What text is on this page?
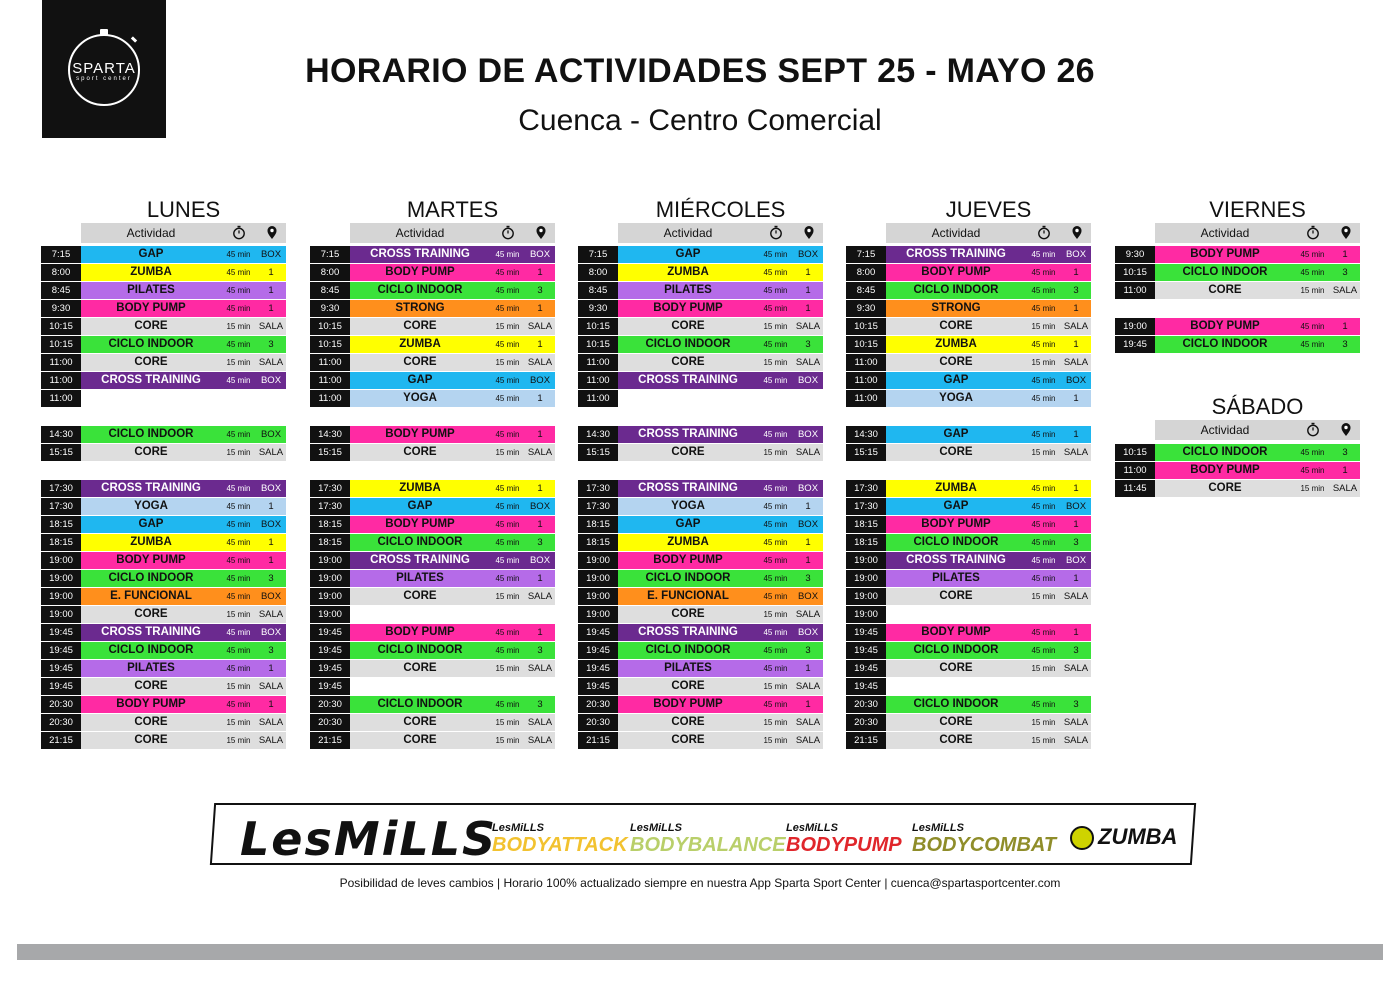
SPARTA
sport center	HORARIO DE ACTIVIDADES SEPT 25 - MAYO 26
Cuenca - Centro Comercial
LUNES
Actividad
7:15	GAP	45 min	BOX
8:00	ZUMBA	45 min	1
8:45	PILATES	45 min	1
9:30	BODY PUMP	45 min	1
10:15	CORE	15 min SALA
10:15	CICLO INDOOR	45 min	3
11:00	CORE	15 min SALA
11:00	CROSS TRAINING	45 min	BOX
11:00
14:30	CICLO INDOOR	45 min	BOX
15:15	CORE	15 min SALA
17:30	CROSS TRAINING	45 min	BOX
17:30	YOGA	45 min	1
18:15	GAP	45 min	BOX
18:15	ZUMBA	45 min	1
19:00	BODY PUMP	45 min	1
19:00	CICLO INDOOR	45 min	3
19:00	E. FUNCIONAL	45 min	BOX
19:00	CORE	15 min SALA
19:45	CROSS TRAINING	45 min	BOX
19:45	CICLO INDOOR	45 min	3
19:45	PILATES	45 min	1
19:45	CORE	15 min SALA
20:30	BODY PUMP	45 min	1
20:30	CORE	15 min SALA
21:15	CORE	15 min SALA
MARTES
Actividad
7:15	CROSS TRAINING	45 min	BOX
8:00	BODY PUMP	45 min	1
8:45	CICLO INDOOR	45 min	3
9:30	STRONG	45 min	1
10:15	CORE	15 min SALA
10:15	ZUMBA	45 min	1
11:00	CORE	15 min SALA
11:00	GAP	45 min	BOX
11:00	YOGA	45 min	1
14:30	BODY PUMP	45 min	1
15:15	CORE	15 min SALA
17:30	ZUMBA	45 min	1
17:30	GAP	45 min	BOX
18:15	BODY PUMP	45 min	1
18:15	CICLO INDOOR	45 min	3
19:00	CROSS TRAINING	45 min	BOX
19:00	PILATES	45 min	1
19:00	CORE	15 min SALA
19:00
19:45	BODY PUMP	45 min	1
19:45	CICLO INDOOR	45 min	3
19:45	CORE	15 min SALA
19:45
20:30	CICLO INDOOR	45 min	3
20:30	CORE	15 min SALA
21:15	CORE	15 min SALA
MIÉRCOLES
Actividad
7:15	GAP	45 min	BOX
8:00	ZUMBA	45 min	1
8:45	PILATES	45 min	1
9:30	BODY PUMP	45 min	1
10:15	CORE	15 min SALA
10:15	CICLO INDOOR	45 min	3
11:00	CORE	15 min SALA
11:00	CROSS TRAINING	45 min	BOX
11:00
14:30	CROSS TRAINING	45 min	BOX
15:15	CORE	15 min SALA
17:30	CROSS TRAINING	45 min	BOX
17:30	YOGA	45 min	1
18:15	GAP	45 min	BOX
18:15	ZUMBA	45 min	1
19:00	BODY PUMP	45 min	1
19:00	CICLO INDOOR	45 min	3
19:00	E. FUNCIONAL	45 min	BOX
19:00	CORE	15 min SALA
19:45	CROSS TRAINING	45 min	BOX
19:45	CICLO INDOOR	45 min	3
19:45	PILATES	45 min	1
19:45	CORE	15 min SALA
20:30	BODY PUMP	45 min	1
20:30	CORE	15 min SALA
21:15	CORE	15 min SALA
JUEVES
Actividad
7:15	CROSS TRAINING	45 min	BOX
8:00	BODY PUMP	45 min	1
8:45	CICLO INDOOR	45 min	3
9:30	STRONG	45 min	1
10:15	CORE	15 min SALA
10:15	ZUMBA	45 min	1
11:00	CORE	15 min SALA
11:00	GAP	45 min	BOX
11:00	YOGA	45 min	1
14:30	GAP	45 min	1
15:15	CORE	15 min SALA
17:30	ZUMBA	45 min	1
17:30	GAP	45 min	BOX
18:15	BODY PUMP	45 min	1
18:15	CICLO INDOOR	45 min	3
19:00	CROSS TRAINING	45 min	BOX
19:00	PILATES	45 min	1
19:00	CORE	15 min SALA
19:00
19:45	BODY PUMP	45 min	1
19:45	CICLO INDOOR	45 min	3
19:45	CORE	15 min SALA
19:45
20:30	CICLO INDOOR	45 min	3
20:30	CORE	15 min SALA
21:15	CORE	15 min SALA
VIERNES
Actividad
9:30	BODY PUMP	45 min	1
10:15	CICLO INDOOR	45 min	3
11:00	CORE	15 min SALA
19:00	BODY PUMP	45 min	1
19:45	CICLO INDOOR	45 min	3
SÁBADO
Actividad
10:15	CICLO INDOOR	45 min	3
11:00	BODY PUMP	45 min	1
11:45	CORE	15 min SALA
LesMiLLS
LesMiLLS
BODYATTACK
LesMiLLS
BODYBALANCE
LesMiLLS
BODYPUMP
LesMiLLS
BODYCOMBAT	ZUMBA
Posibilidad de leves cambios | Horario 100% actualizado siempre en nuestra App Sparta Sport Center | cuenca@spartasportcenter.com
